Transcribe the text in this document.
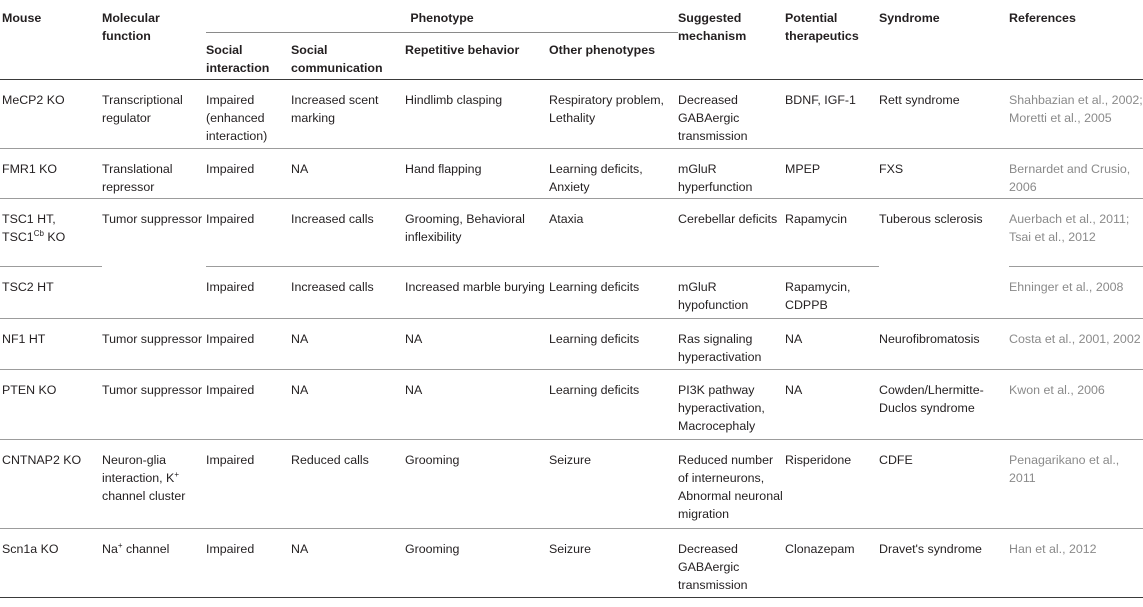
Mouse	Molecular function	Phenotype				Suggested mechanism	Potential therapeutics	Syndrome	References
		Social interaction	Social communication	Repetitive behavior	Other phenotypes				
MeCP2 KO	Transcriptional regulator	Impaired (enhanced interaction)	Increased scent marking	Hindlimb clasping	Respiratory problem, Lethality	Decreased GABAergic transmission	BDNF, IGF-1	Rett syndrome	Shahbazian et al., 2002; Moretti et al., 2005
FMR1 KO	Translational repressor	Impaired	NA	Hand flapping	Learning deficits, Anxiety	mGluR hyperfunction	MPEP	FXS	Bernardet and Crusio, 2006
TSC1 HT,
$TSC1^{Cb}$ KO	Tumor suppressor	Impaired	Increased calls	Grooming, Behavioral inflexibility	Ataxia	Cerebellar deficits	Rapamycin	Tuberous sclerosis	Auerbach et al., 2011; Tsai et al., 2012
TSC2 HT		Impaired	Increased calls	Increased marble burying	Learning deficits	mGluR hypofunction	Rapamycin, CDPPB		Ehninger et al., 2008
NF1 HT	Tumor suppressor	Impaired	NA	NA	Learning deficits	Ras signaling hyperactivation	NA	Neurofibromatosis	Costa et al., 2001, 2002
PTEN KO	Tumor suppressor	Impaired	NA	NA	Learning deficits	PI3K pathway hyperactivation, Macrocephaly	NA	Cowden/Lhermitte-Duclos syndrome	Kwon et al., 2006
CNTNAP2 KO	Neuron-glia interaction, K+ channel cluster	Impaired	Reduced calls	Grooming	Seizure	Reduced number of interneurons, Abnormal neuronal migration	Risperidone	CDFE	Penagarikano et al., 2011
Scn1a KO	Na+ channel	Impaired	NA	Grooming	Seizure	Decreased GABAergic transmission	Clonazepam	Dravet's syndrome	Han et al., 2012
